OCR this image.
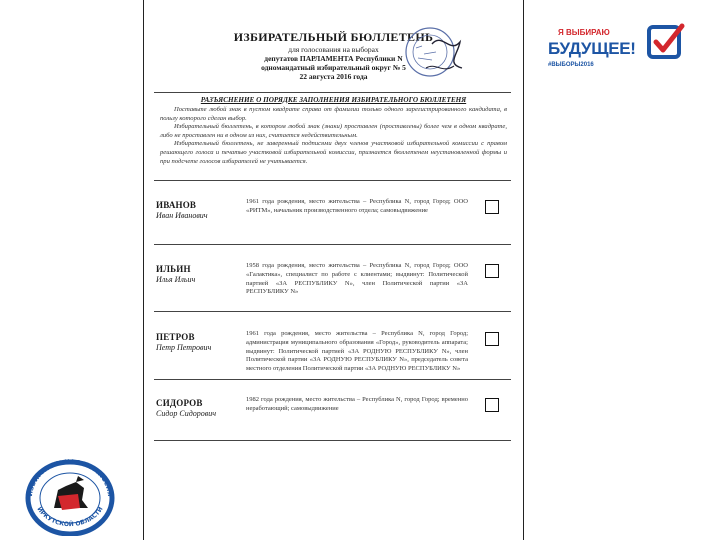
Я ВЫБИРАЮ
БУДУЩЕЕ!
#ВЫБОРЫ2016
ИЗБИРАТЕЛЬНЫЙ БЮЛЛЕТЕНЬ
для голосования на выборах
депутатов ПАРЛАМЕНТА Республики N
одномандатный избирательный округ № 5
22 августа 2016 года
РАЗЪЯСНЕНИЕ О ПОРЯДКЕ ЗАПОЛНЕНИЯ ИЗБИРАТЕЛЬНОГО БЮЛЛЕТЕНЯ
Поставьте любой знак в пустом квадрате справа от фамилии только одного зарегистрированного кандидата, в пользу которого сделан выбор.
Избирательный бюллетень, в котором любой знак (знаки) проставлен (проставлены) более чем в одном квадрате, либо не проставлен ни в одном из них, считается недействительным.
Избирательный бюллетень, не заверенный подписями двух членов участковой избирательной комиссии с правом решающего голоса и печатью участковой избирательной комиссии, признается бюллетенем неустановленной формы и при подсчете голосов избирателей не учитывается.
ИВАНОВ
Иван Иванович
1961 года рождения, место жительства – Республика N, город Город; ООО «РИТМ», начальник производственного отдела; самовыдвижение
ИЛЬИН
Илья Ильич
1958 года рождения, место жительства – Республика N, город Город; ООО «Галактика», специалист по работе с клиентами; выдвинут: Политической партией «ЗА РЕСПУБЛИКУ N», член Политической партии «ЗА РЕСПУБЛИКУ N»
ПЕТРОВ
Петр Петрович
1961 года рождения, место жительства – Республика N, город Город; администрация муниципального образования «Город», руководитель аппарата; выдвинут: Политической партией «ЗА РОДНУЮ РЕСПУБЛИКУ N», член Политической партии «ЗА РОДНУЮ РЕСПУБЛИКУ N», председатель совета местного отделения Политической партии «ЗА РОДНУЮ РЕСПУБЛИКУ N»
СИДОРОВ
Сидор Сидорович
1982 года рождения, место жительства – Республика N, город Город; временно неработающий; самовыдвижение
ИЗБИРАТЕЛЬНАЯ КОМИССИЯ
ИРКУТСКОЙ ОБЛАСТИ
